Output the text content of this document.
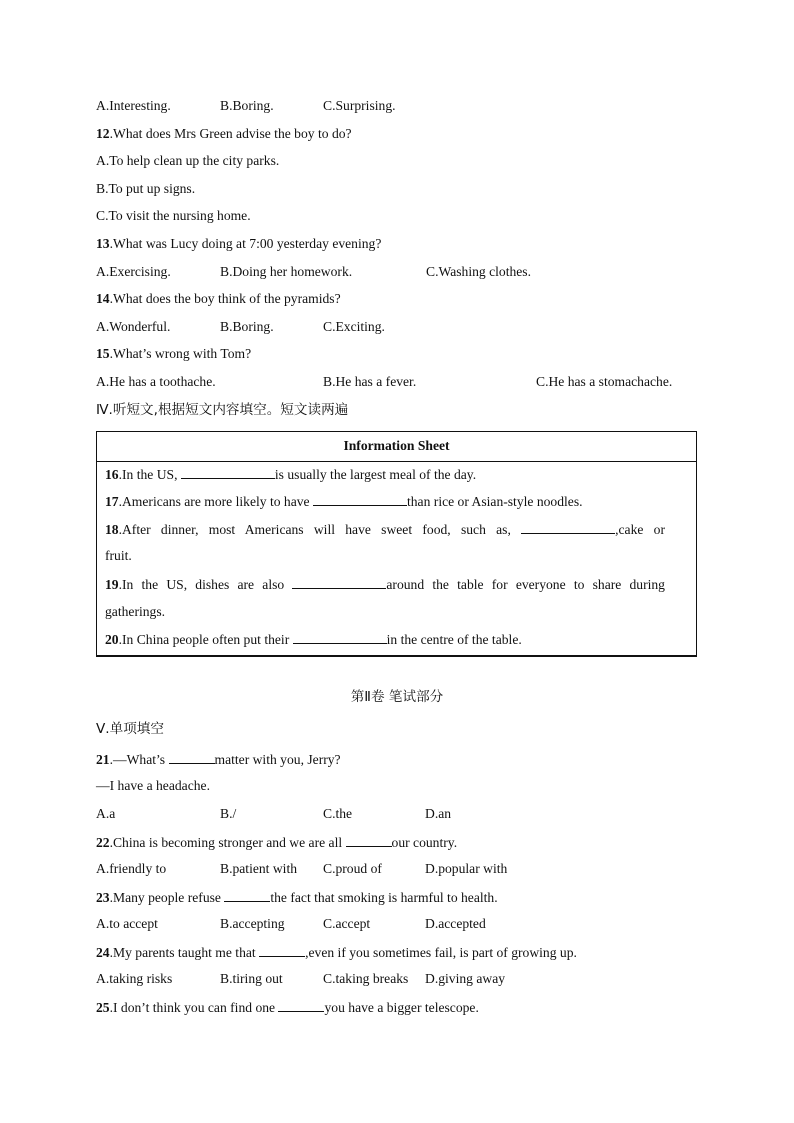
A.Interesting.	B.Boring.	C.Surprising.
12.What does Mrs Green advise the boy to do?
A.To help clean up the city parks.
B.To put up signs.
C.To visit the nursing home.
13.What was Lucy doing at 7:00 yesterday evening?
A.Exercising.	B.Doing her homework.	C.Washing clothes.
14.What does the boy think of the pyramids?
A.Wonderful.	B.Boring.	C.Exciting.
15.What’s wrong with Tom?
A.He has a toothache.	B.He has a fever.	C.He has a stomachache.
Ⅳ.听短文,根据短文内容填空。短文读两遍
Information Sheet
16.In the US,	is usually the largest meal of the day.
17.Americans are more likely to have	than rice or Asian-style noodles.
18.After dinner, most Americans will have sweet food, such as,	,cake or
fruit.
19.In the US, dishes are also	around the table for everyone to share during
gatherings.
20.In China people often put their	in the centre of the table.
第Ⅱ卷 笔试部分
Ⅴ.单项填空
21.—What’s	matter with you, Jerry?
—I have a headache.
A.a	B./	C.the	D.an
22.China is becoming stronger and we are all	our country.
A.friendly to	B.patient with C.proud of	D.popular with
23.Many people refuse	the fact that smoking is harmful to health.
A.to accept	B.accepting	C.accept	D.accepted
24.My parents taught me that	,even if you sometimes fail, is part of growing up.
A.taking risks	B.tiring out	C.taking breaks D.giving away
25.I don’t think you can find one	you have a bigger telescope.
